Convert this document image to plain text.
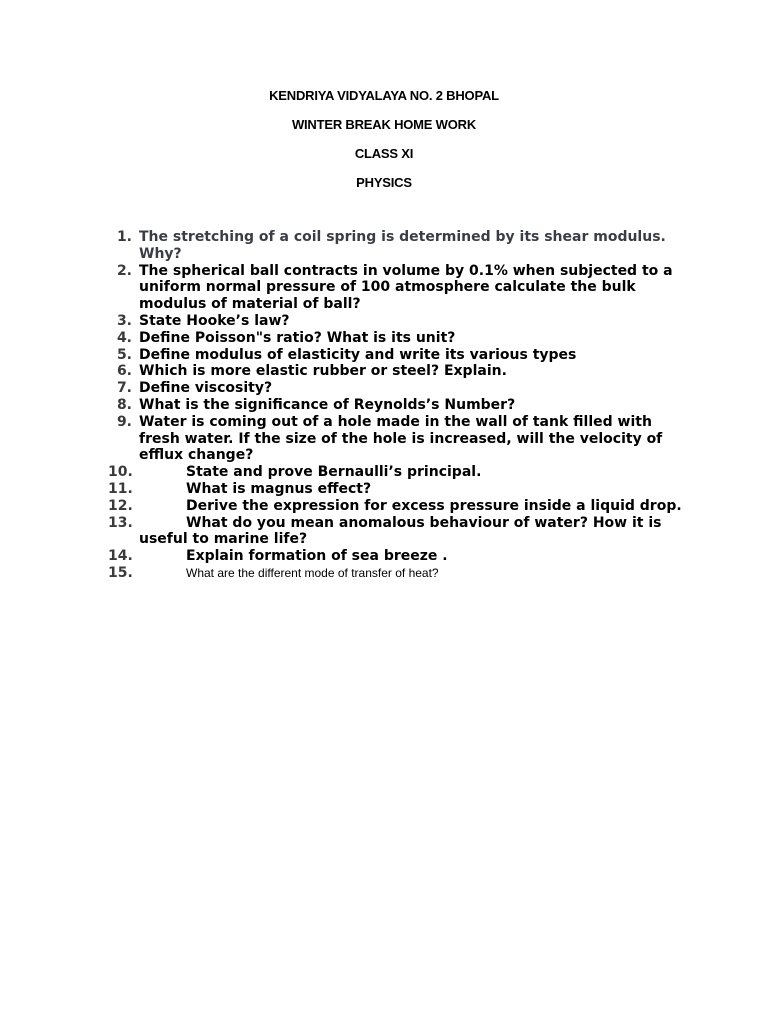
KENDRIYA VIDYALAYA NO. 2 BHOPAL
WINTER BREAK HOME WORK
CLASS XI
PHYSICS
1. The stretching of a coil spring is determined by its shear modulus. Why?
2. The spherical ball contracts in volume by 0.1% when subjected to a uniform normal pressure of 100 atmosphere calculate the bulk modulus of material of ball?
3. State Hooke’s law?
4. Define Poisson"s ratio? What is its unit?
5. Define modulus of elasticity and write its various types
6. Which is more elastic rubber or steel? Explain.
7. Define viscosity?
8. What is the significance of Reynolds’s Number?
9. Water is coming out of a hole made in the wall of tank filled with fresh water. If the size of the hole is increased, will the velocity of efflux change?
10.	State and prove Bernaulli’s principal.
11.	What is magnus effect?
12.	Derive the expression for excess pressure inside a liquid drop.
13.	What do you mean anomalous behaviour of water? How it is useful to marine life?
14.	Explain formation of sea breeze .
15.	What are the different mode of transfer of heat?
